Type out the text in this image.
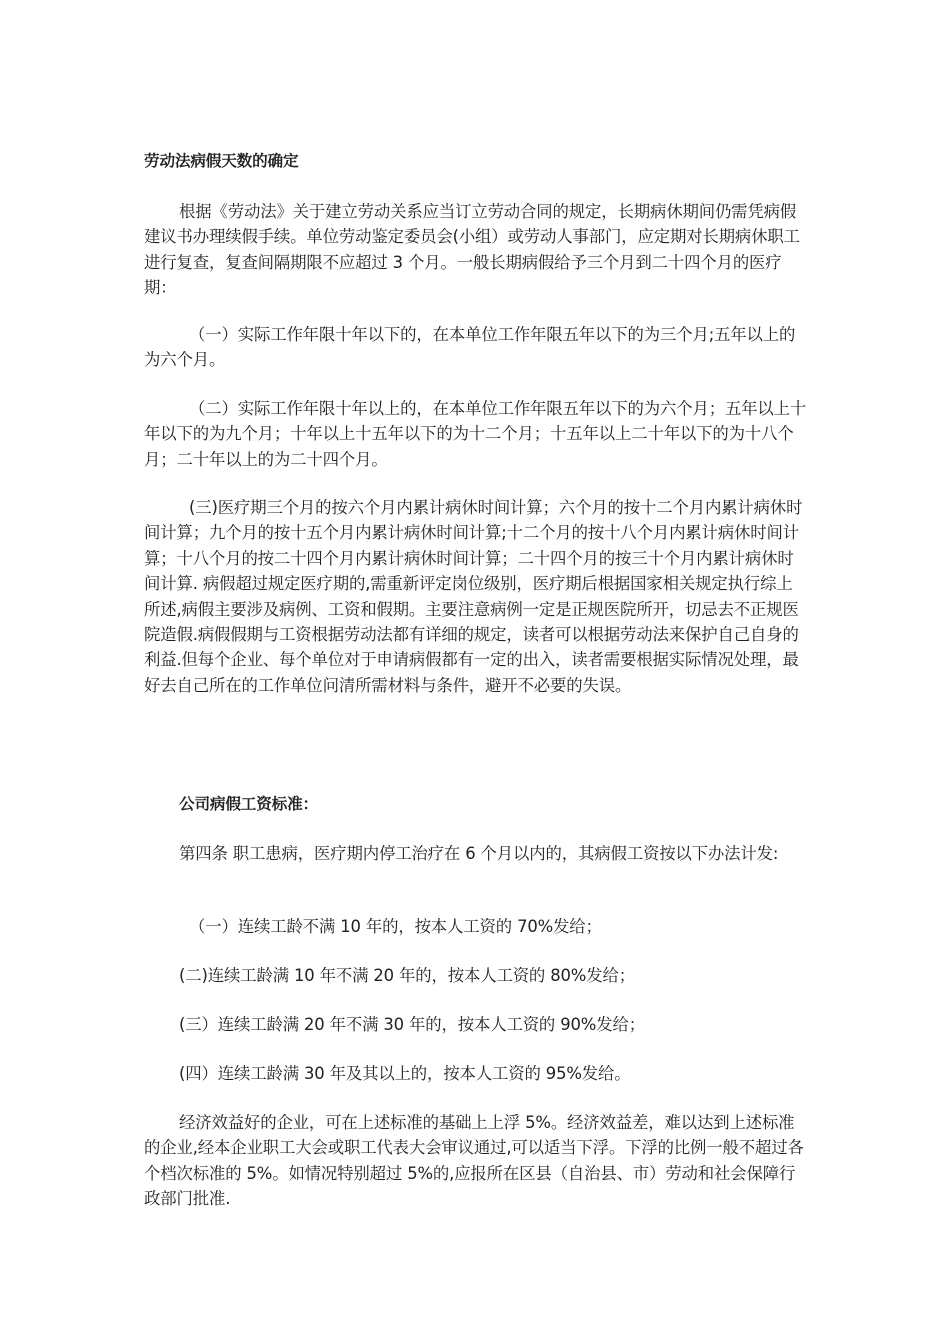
劳动法病假天数的确定

根据《劳动法》关于建立劳动关系应当订立劳动合同的规定，长期病休期间仍需凭病假建议书办理续假手续。单位劳动鉴定委员会(小组）或劳动人事部门，应定期对长期病休职工进行复查，复查间隔期限不应超过 3 个月。一般长期病假给予三个月到二十四个月的医疗期：

（一）实际工作年限十年以下的，在本单位工作年限五年以下的为三个月;五年以上的为六个月。

（二）实际工作年限十年以上的，在本单位工作年限五年以下的为六个月；五年以上十年以下的为九个月；十年以上十五年以下的为十二个月；十五年以上二十年以下的为十八个月；二十年以上的为二十四个月。

(三)医疗期三个月的按六个月内累计病休时间计算；六个月的按十二个月内累计病休时间计算；九个月的按十五个月内累计病休时间计算;十二个月的按十八个月内累计病休时间计算；十八个月的按二十四个月内累计病休时间计算；二十四个月的按三十个月内累计病休时间计算. 病假超过规定医疗期的,需重新评定岗位级别，医疗期后根据国家相关规定执行综上所述,病假主要涉及病例、工资和假期。主要注意病例一定是正规医院所开，切忌去不正规医院造假.病假假期与工资根据劳动法都有详细的规定，读者可以根据劳动法来保护自己自身的利益.但每个企业、每个单位对于申请病假都有一定的出入，读者需要根据实际情况处理，最好去自己所在的工作单位问清所需材料与条件，避开不必要的失误。

公司病假工资标准：

第四条 职工患病，医疗期内停工治疗在 6 个月以内的，其病假工资按以下办法计发:

（一）连续工龄不满 10 年的，按本人工资的 70%发给；

(二)连续工龄满 10 年不满 20 年的，按本人工资的 80%发给；

(三）连续工龄满 20 年不满 30 年的，按本人工资的 90%发给；

(四）连续工龄满 30 年及其以上的，按本人工资的 95%发给。

经济效益好的企业，可在上述标准的基础上上浮 5%。经济效益差，难以达到上述标准的企业,经本企业职工大会或职工代表大会审议通过,可以适当下浮。下浮的比例一般不超过各个档次标准的 5%。如情况特别超过 5%的,应报所在区县（自治县、市）劳动和社会保障行政部门批准.
